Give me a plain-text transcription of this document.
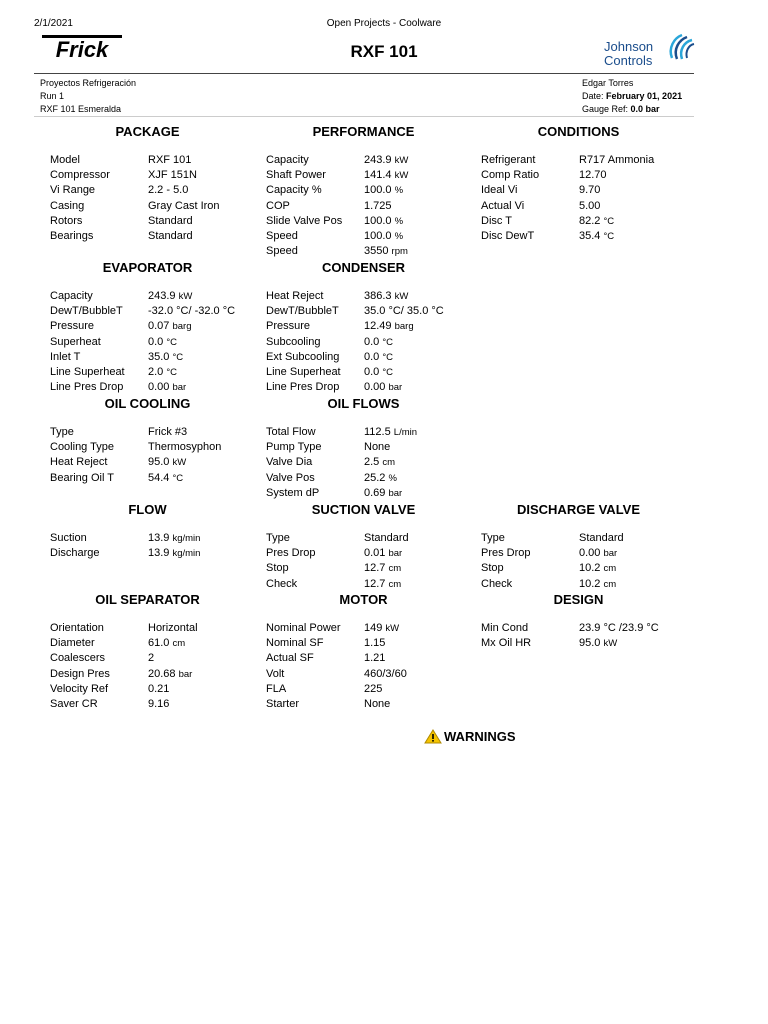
2/1/2021	Open Projects - Coolware
Frick	RXF 101	Johnson
Controls
Proyectos Refrigeración
Run 1
RXF 101 Esmeralda
Edgar Torres
Date: February 01, 2021
Gauge Ref: 0.0 bar
PACKAGE
Model	RXF 101
Compressor	XJF 151N
Vi Range	2.2 - 5.0
Casing	Gray Cast Iron
Rotors	Standard
Bearings	Standard
PERFORMANCE
Capacity	243.9 kW
Shaft Power	141.4 kW
Capacity %	100.0 %
COP	1.725
Slide Valve Pos	100.0 %
Speed	100.0 %
Speed	3550 rpm
CONDITIONS
Refrigerant	R717 Ammonia
Comp Ratio	12.70
Ideal Vi	9.70
Actual Vi	5.00
Disc T	82.2 °C
Disc DewT	35.4 °C
EVAPORATOR
Capacity	243.9 kW
DewT/BubbleT	-32.0 °C/ -32.0 °C
Pressure	0.07 barg
Superheat	0.0 °C
Inlet T	35.0 °C
Line Superheat	2.0 °C
Line Pres Drop	0.00 bar
CONDENSER
Heat Reject	386.3 kW
DewT/BubbleT	35.0 °C/ 35.0 °C
Pressure	12.49 barg
Subcooling	0.0 °C
Ext Subcooling	0.0 °C
Line Superheat	0.0 °C
Line Pres Drop	0.00 bar
OIL COOLING
Type	Frick #3
Cooling Type	Thermosyphon
Heat Reject	95.0 kW
Bearing Oil T	54.4 °C
OIL FLOWS
Total Flow	112.5 L/min
Pump Type	None
Valve Dia	2.5 cm
Valve Pos	25.2 %
System dP	0.69 bar
FLOW
Suction	13.9 kg/min
Discharge	13.9 kg/min
SUCTION VALVE
Type	Standard
Pres Drop	0.01 bar
Stop	12.7 cm
Check	12.7 cm
DISCHARGE VALVE
Type	Standard
Pres Drop	0.00 bar
Stop	10.2 cm
Check	10.2 cm
OIL SEPARATOR
Orientation	Horizontal
Diameter	61.0 cm
Coalescers	2
Design Pres	20.68 bar
Velocity Ref	0.21
Saver CR	9.16
MOTOR
Nominal Power	149 kW
Nominal SF	1.15
Actual SF	1.21
Volt	460/3/60
FLA	225
Starter	None
DESIGN
Min Cond	23.9 °C /23.9 °C
Mx Oil HR	95.0 kW
WARNINGS
